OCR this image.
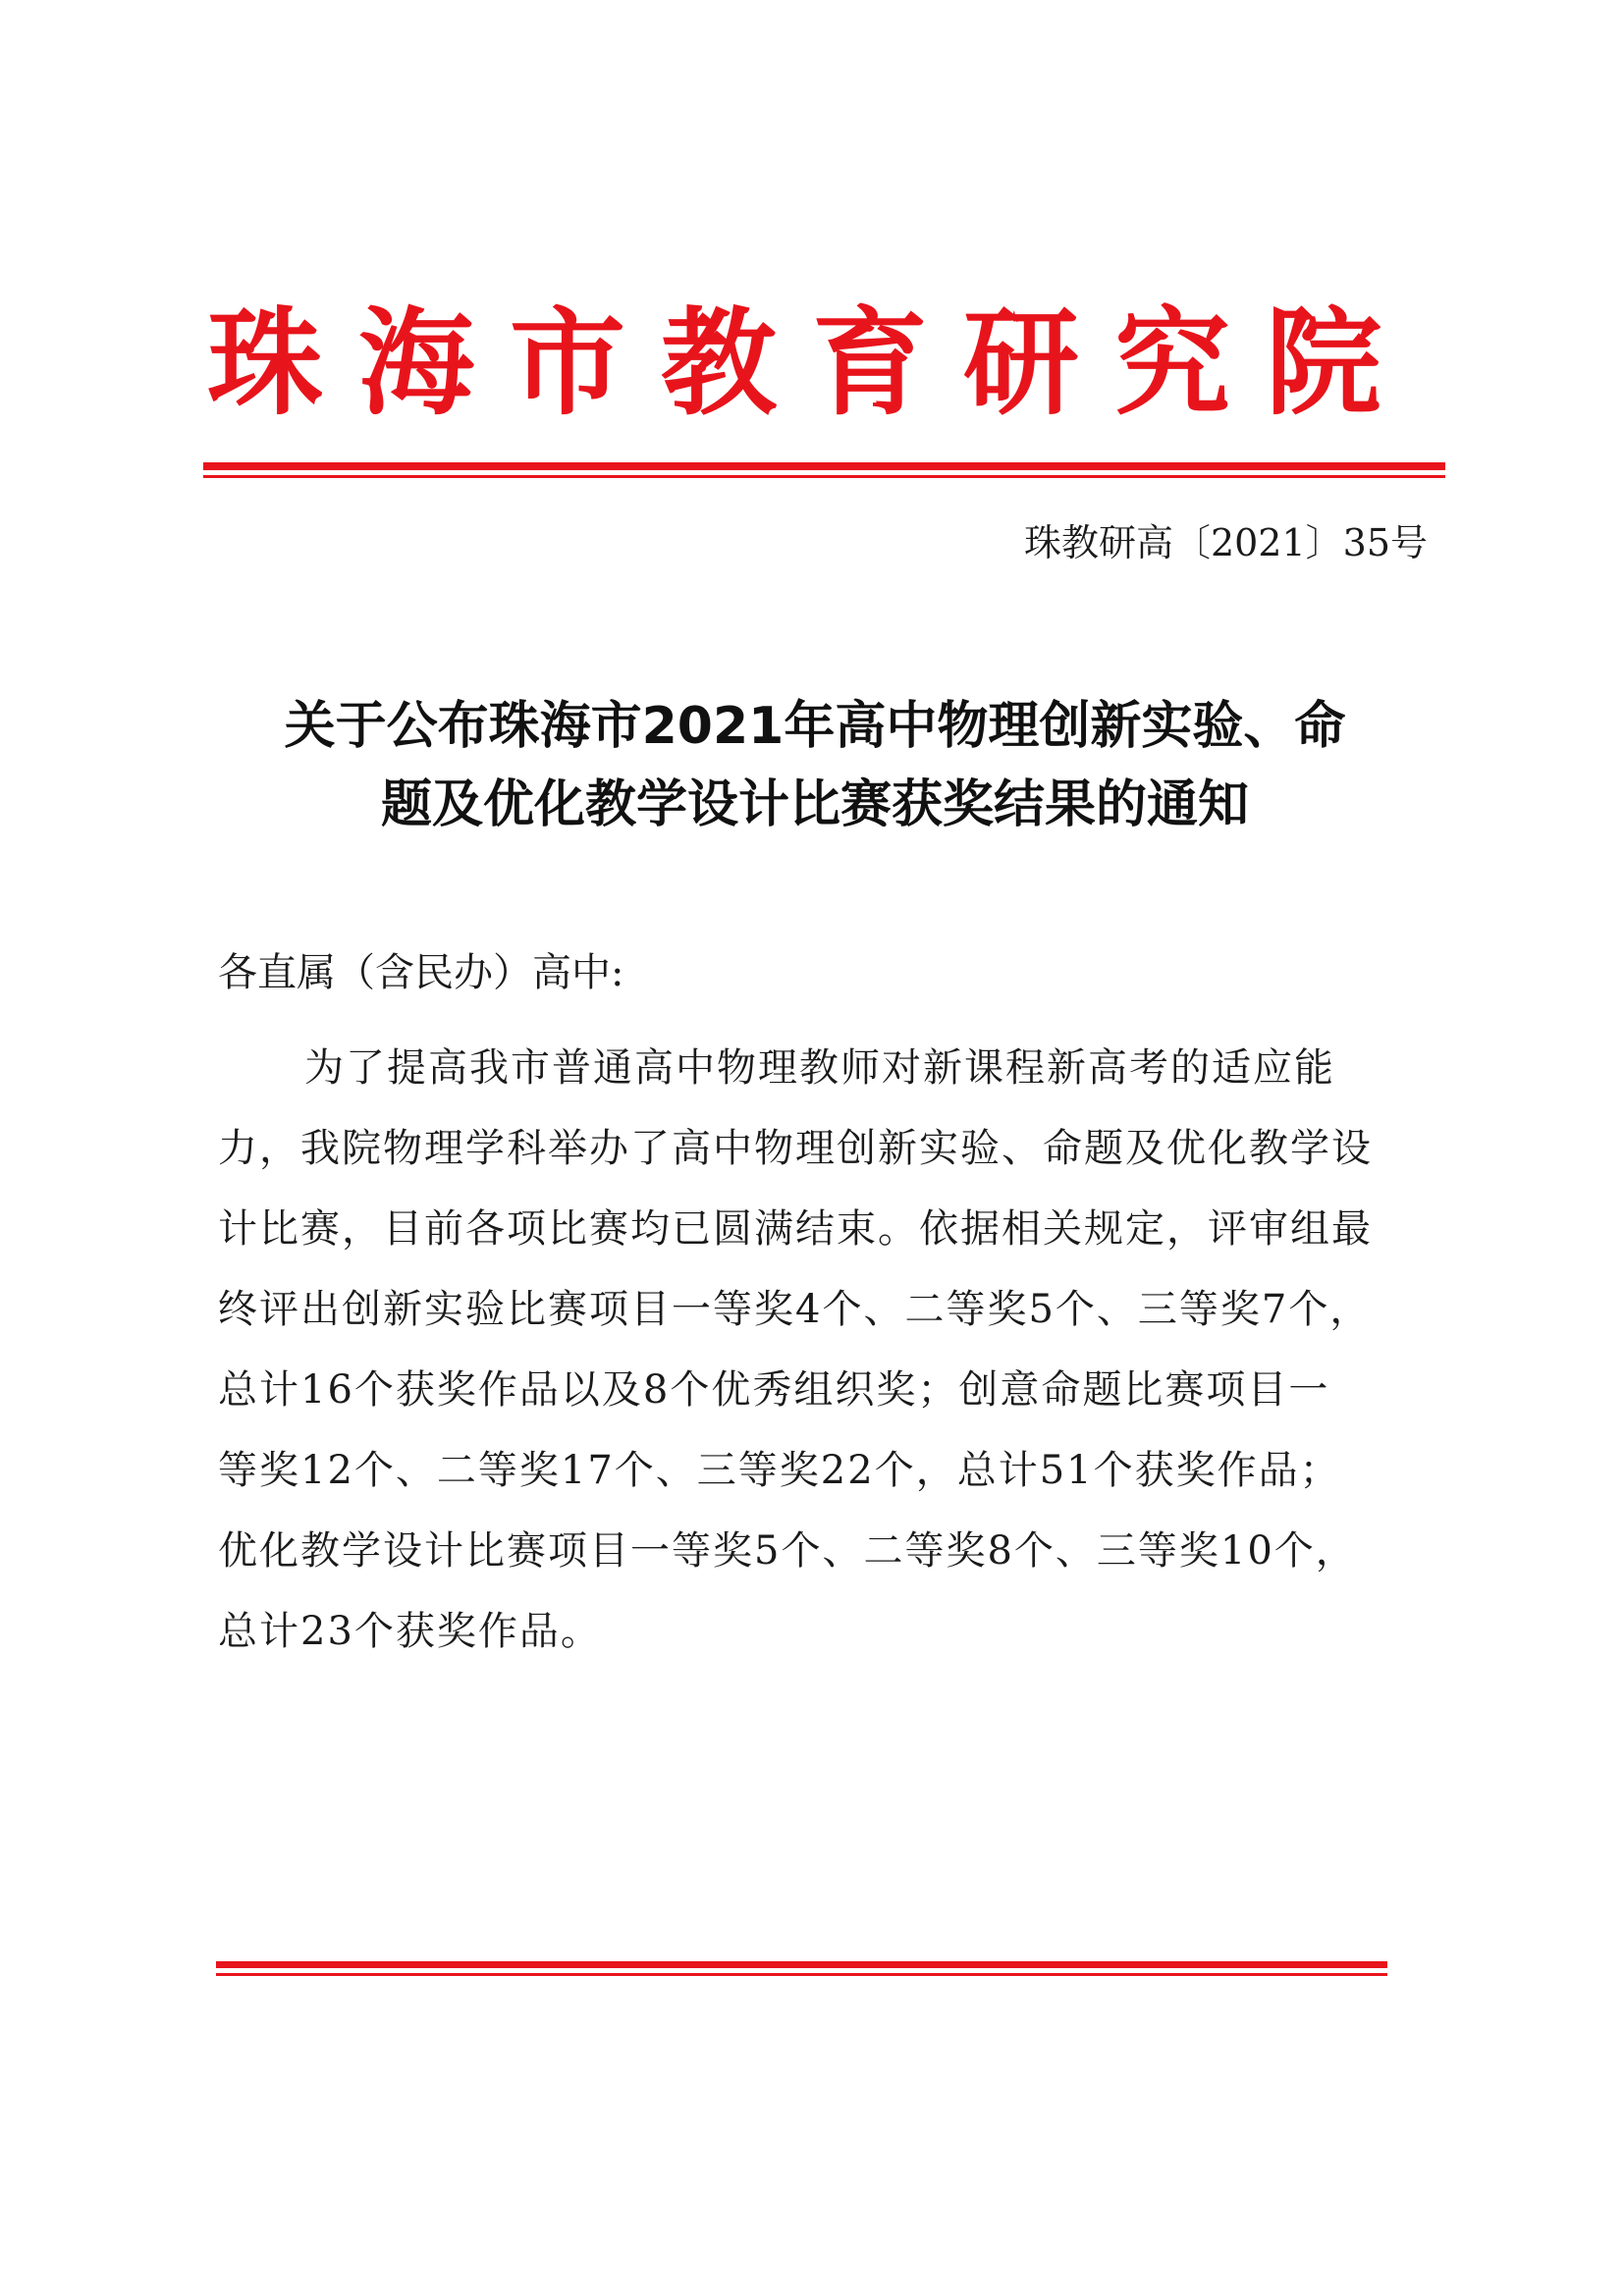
珠海市教育研究院
珠教研高〔2021〕35号
关于公布珠海市2021年高中物理创新实验、命
题及优化教学设计比赛获奖结果的通知
各直属（含民办）高中:
为了提高我市普通高中物理教师对新课程新高考的适应能
力，我院物理学科举办了高中物理创新实验、命题及优化教学设
计比赛，目前各项比赛均已圆满结束。依据相关规定，评审组最
终评出创新实验比赛项目一等奖4个、二等奖5个、三等奖7个，
总计16个获奖作品以及8个优秀组织奖；创意命题比赛项目一
等奖12个、二等奖17个、三等奖22个，总计51个获奖作品；
优化教学设计比赛项目一等奖5个、二等奖8个、三等奖10个，
总计23个获奖作品。
